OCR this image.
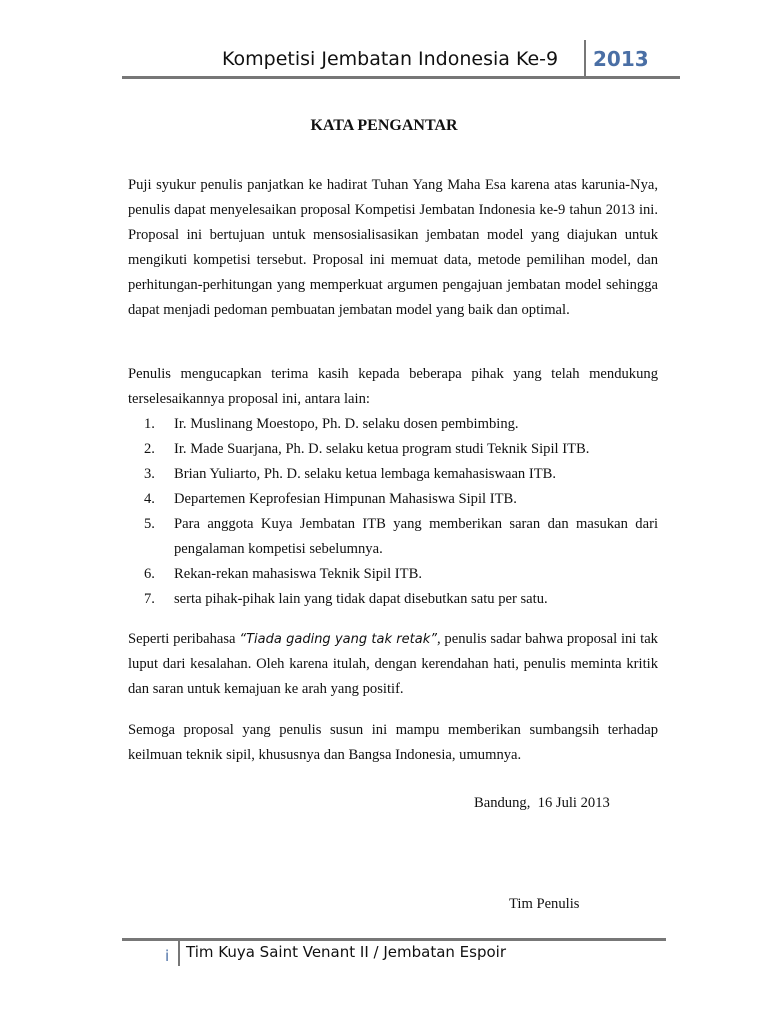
Kompetisi Jembatan Indonesia Ke-9 2013
KATA PENGANTAR
Puji syukur penulis panjatkan ke hadirat Tuhan Yang Maha Esa karena atas karunia-Nya, penulis dapat menyelesaikan proposal Kompetisi Jembatan Indonesia ke-9 tahun 2013 ini. Proposal ini bertujuan untuk mensosialisasikan jembatan model yang diajukan untuk mengikuti kompetisi tersebut. Proposal ini memuat data, metode pemilihan model, dan perhitungan-perhitungan yang memperkuat argumen pengajuan jembatan model sehingga dapat menjadi pedoman pembuatan jembatan model yang baik dan optimal.
Penulis mengucapkan terima kasih kepada beberapa pihak yang telah mendukung terselesaikannya proposal ini, antara lain:
1. Ir. Muslinang Moestopo, Ph. D. selaku dosen pembimbing.
2. Ir. Made Suarjana, Ph. D. selaku ketua program studi Teknik Sipil ITB.
3. Brian Yuliarto, Ph. D. selaku ketua lembaga kemahasiswaan ITB.
4. Departemen Keprofesian Himpunan Mahasiswa Sipil ITB.
5. Para anggota Kuya Jembatan ITB yang memberikan saran dan masukan dari pengalaman kompetisi sebelumnya.
6. Rekan-rekan mahasiswa Teknik Sipil ITB.
7. serta pihak-pihak lain yang tidak dapat disebutkan satu per satu.
Seperti peribahasa “Tiada gading yang tak retak”, penulis sadar bahwa proposal ini tak luput dari kesalahan. Oleh karena itulah, dengan kerendahan hati, penulis meminta kritik dan saran untuk kemajuan ke arah yang positif.
Semoga proposal yang penulis susun ini mampu memberikan sumbangsih terhadap keilmuan teknik sipil, khususnya dan Bangsa Indonesia, umumnya.
Bandung,  16 Juli 2013
Tim Penulis
i Tim Kuya Saint Venant II / Jembatan Espoir
